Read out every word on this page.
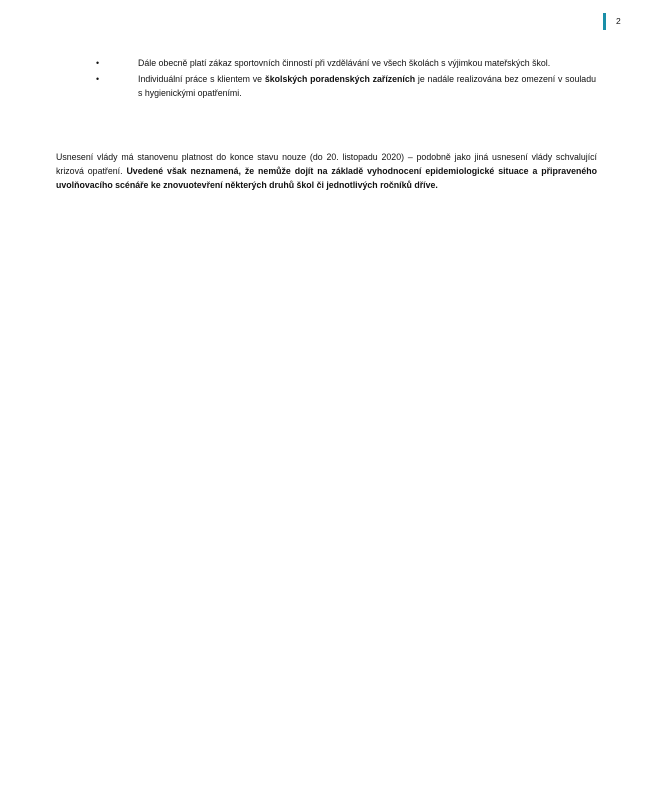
2
•	Dále obecně platí zákaz sportovních činností při vzdělávání ve všech školách s výjimkou mateřských škol.
•	Individuální práce s klientem ve školských poradenských zařízeních je nadále realizována bez omezení v souladu s hygienickými opatřeními.

Usnesení vlády má stanovenu platnost do konce stavu nouze (do 20. listopadu 2020) – podobně jako jiná usnesení vlády schvalující krizová opatření. Uvedené však neznamená, že nemůže dojít na základě vyhodnocení epidemiologické situace a připraveného uvolňovacího scénáře ke znovuotevření některých druhů škol či jednotlivých ročníků dříve.
